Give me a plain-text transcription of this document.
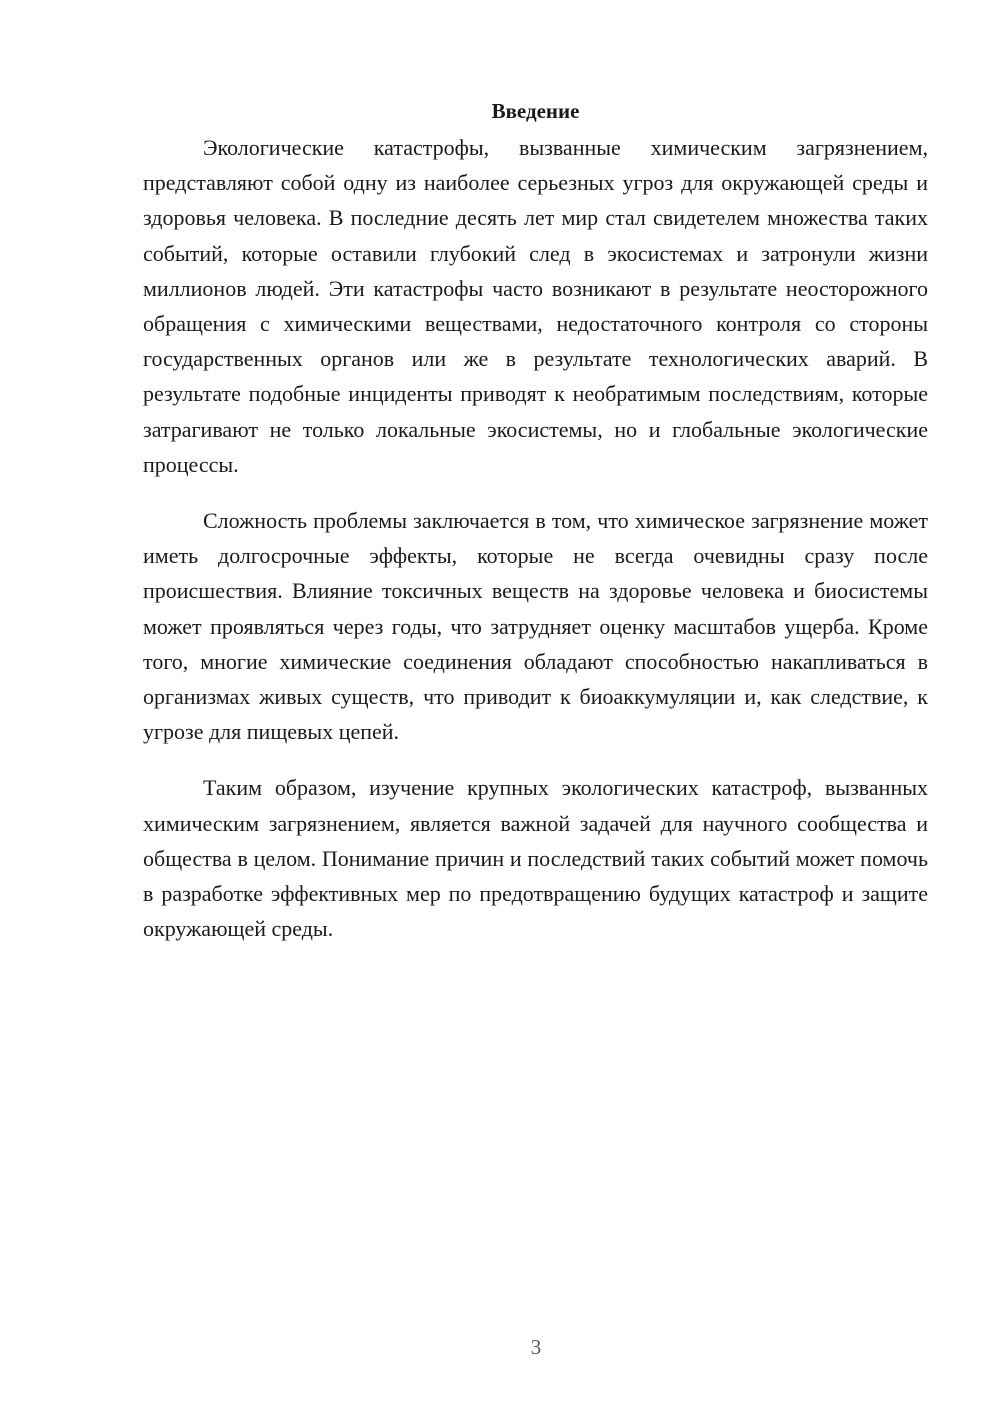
Введение

Экологические катастрофы, вызванные химическим загрязнением, представляют собой одну из наиболее серьезных угроз для окружающей среды и здоровья человека. В последние десять лет мир стал свидетелем множества таких событий, которые оставили глубокий след в экосистемах и затронули жизни миллионов людей. Эти катастрофы часто возникают в результате неосторожного обращения с химическими веществами, недостаточного контроля со стороны государственных органов или же в результате технологических аварий. В результате подобные инциденты приводят к необратимым последствиям, которые затрагивают не только локальные экосистемы, но и глобальные экологические процессы.

Сложность проблемы заключается в том, что химическое загрязнение может иметь долгосрочные эффекты, которые не всегда очевидны сразу после происшествия. Влияние токсичных веществ на здоровье человека и биосистемы может проявляться через годы, что затрудняет оценку масштабов ущерба. Кроме того, многие химические соединения обладают способностью накапливаться в организмах живых существ, что приводит к биоаккумуляции и, как следствие, к угрозе для пищевых цепей.

Таким образом, изучение крупных экологических катастроф, вызванных химическим загрязнением, является важной задачей для научного сообщества и общества в целом. Понимание причин и последствий таких событий может помочь в разработке эффективных мер по предотвращению будущих катастроф и защите окружающей среды.

3
